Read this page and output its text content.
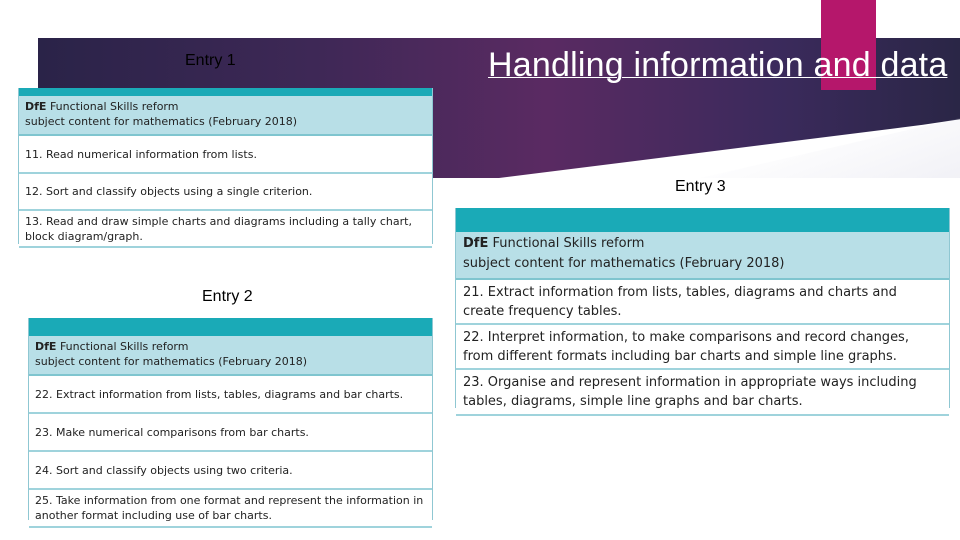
Handling information and data
Entry 1
DfE Functional Skills reform
subject content for mathematics (February 2018)
11. Read numerical information from lists.
12. Sort and classify objects using a single criterion.
13. Read and draw simple charts and diagrams including a tally chart, block diagram/graph.
Entry 2
DfE Functional Skills reform
subject content for mathematics (February 2018)
22. Extract information from lists, tables, diagrams and bar charts.
23. Make numerical comparisons from bar charts.
24. Sort and classify objects using two criteria.
25. Take information from one format and represent the information in another format including use of bar charts.
Entry 3
DfE Functional Skills reform
subject content for mathematics (February 2018)
21. Extract information from lists, tables, diagrams and charts and create frequency tables.
22. Interpret information, to make comparisons and record changes, from different formats including bar charts and simple line graphs.
23. Organise and represent information in appropriate ways including tables, diagrams, simple line graphs and bar charts.
